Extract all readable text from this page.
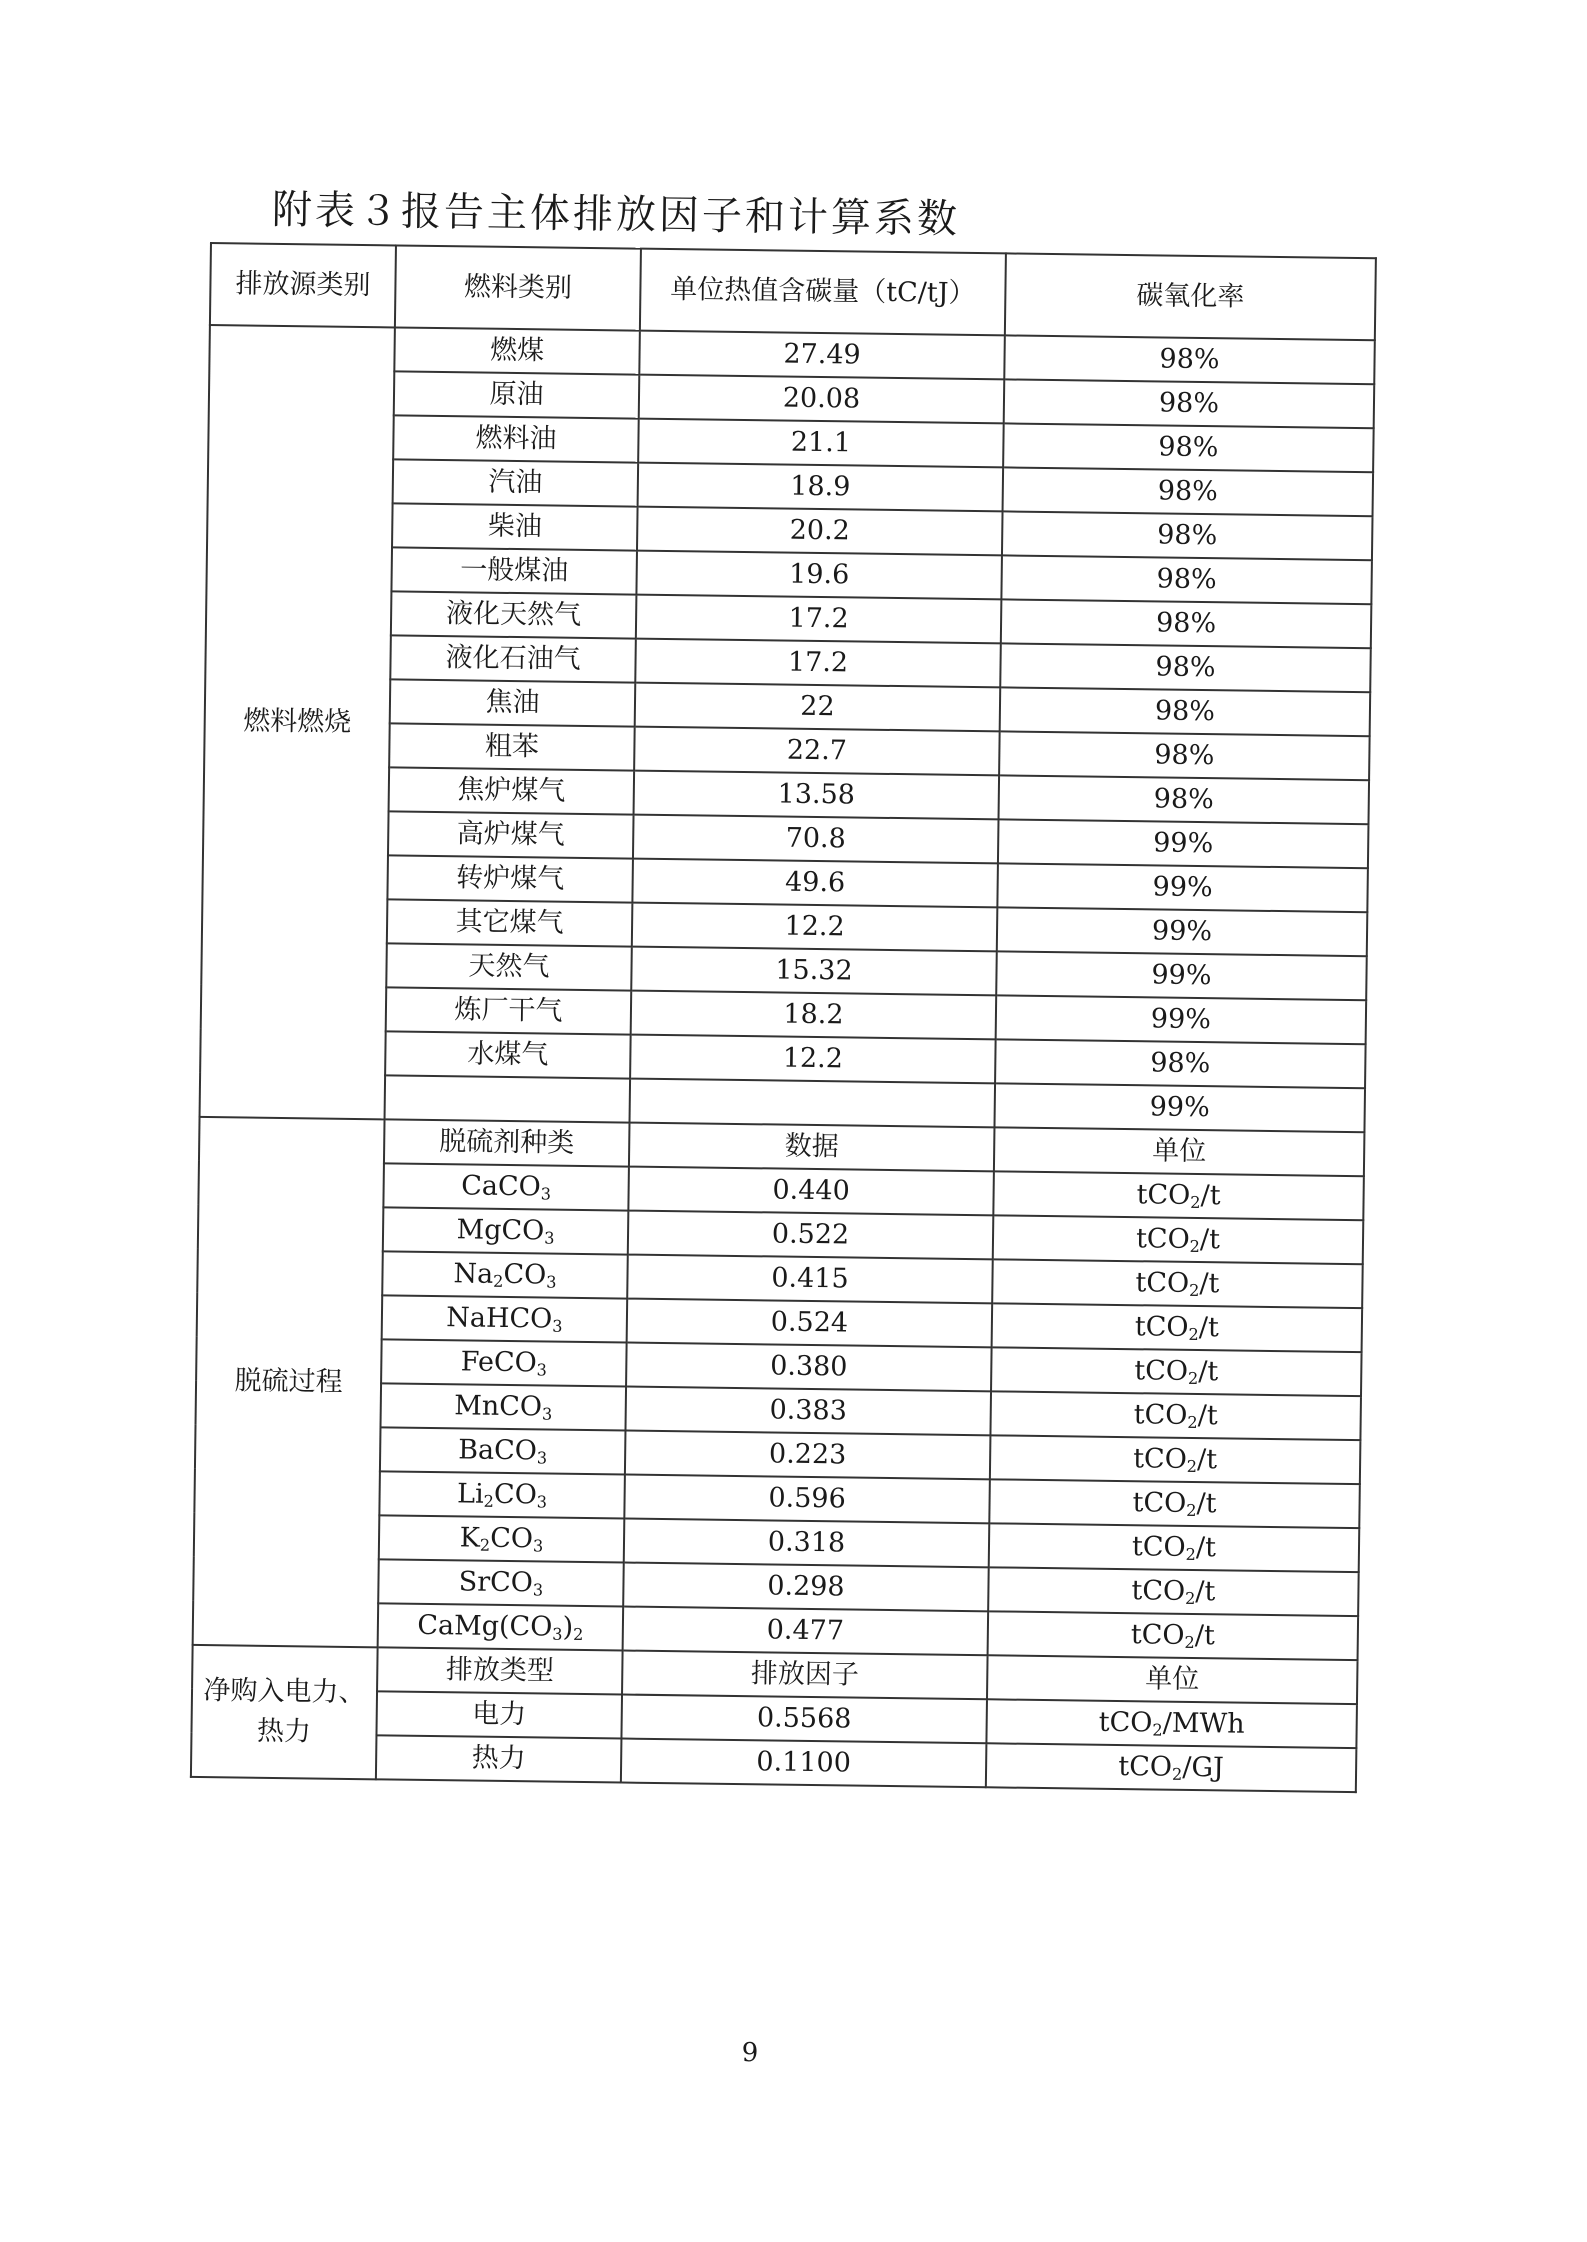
附表３报告主体排放因子和计算系数
排放源类别	燃料类别	单位热值含碳量（tC/tJ）	碳氧化率
燃料燃烧	燃煤	27.49	98%
	原油	20.08	98%
	燃料油	21.1	98%
	汽油	18.9	98%
	柴油	20.2	98%
	一般煤油	19.6	98%
	液化天然气	17.2	98%
	液化石油气	17.2	98%
	焦油	22	98%
	粗苯	22.7	98%
	焦炉煤气	13.58	98%
	高炉煤气	70.8	99%
	转炉煤气	49.6	99%
	其它煤气	12.2	99%
	天然气	15.32	99%
	炼厂干气	18.2	99%
	水煤气	12.2	98%
			99%
脱硫过程	脱硫剂种类	数据	单位
	CaCO$_3$	0.440	tCO$_2$/t
	MgCO$_3$	0.522	tCO$_2$/t
	$Na_2CO_3$	0.415	tCO$_2$/t
	NaHCO$_3$	0.524	tCO$_2$/t
	FeCO$_3$	0.380	tCO$_2$/t
	MnCO$_3$	0.383	tCO$_2$/t
	BaCO$_3$	0.223	tCO$_2$/t
	$Li_2CO_3$	0.596	tCO$_2$/t
	$K_2CO_3$	0.318	tCO$_2$/t
	SrCO$_3$	0.298	tCO$_2$/t
	$CaMg(CO_3)_2$	0.477	tCO$_2$/t
净购入电力、热力	排放类型	排放因子	单位
	电力	0.5568	tCO$_2$/MWh
	热力	0.1100	tCO$_2$/GJ
9
